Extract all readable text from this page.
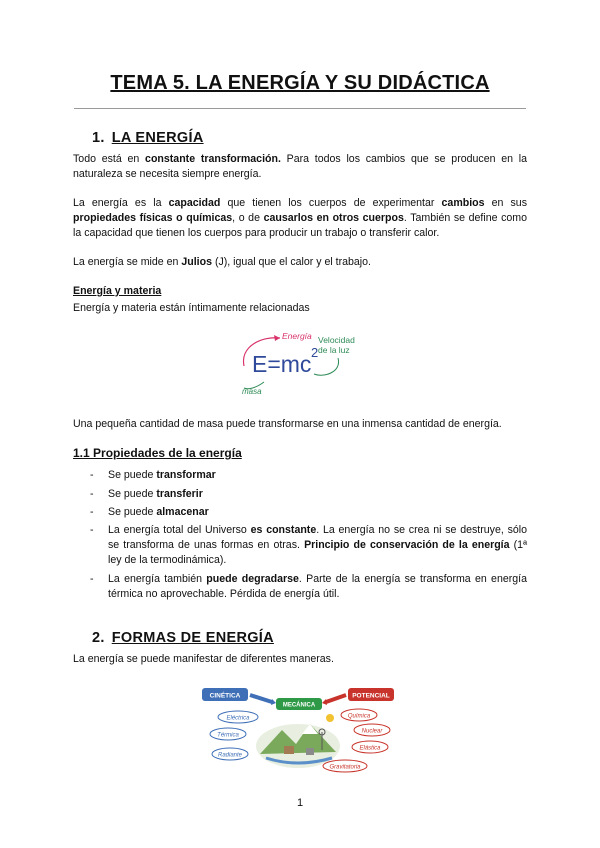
TEMA 5. LA ENERGÍA Y SU DIDÁCTICA
1. LA ENERGÍA

Todo está en constante transformación. Para todos los cambios que se producen en la naturaleza se necesita siempre energía.

La energía es la capacidad que tienen los cuerpos de experimentar cambios en sus propiedades físicas o químicas, o de causarlos en otros cuerpos. También se define como la capacidad que tienen los cuerpos para producir un trabajo o transferir calor.

La energía se mide en Julios (J), igual que el calor y el trabajo.

Energía y materia

Energía y materia están íntimamente relacionadas

Energía
E=mc 2
Velocidad
de la luz
masa

Una pequeña cantidad de masa puede transformarse en una inmensa cantidad de energía.

1.1 Propiedades de la energía
- Se puede transformar
- Se puede transferir
- Se puede almacenar
- La energía total del Universo es constante. La energía no se crea ni se destruye, sólo se transforma de unas formas en otras. Principio de conservación de la energía (1ª ley de la termodinámica).
- La energía también puede degradarse. Parte de la energía se transforma en energía térmica no aprovechable. Pérdida de energía útil.
2. FORMAS DE ENERGÍA

La energía se puede manifestar de diferentes maneras.

CINÉTICA	POTENCIAL
MECÁNICA
Eléctrica
Térmica
Radiante
Química
Nuclear
Elástica
Gravitatoria
1
